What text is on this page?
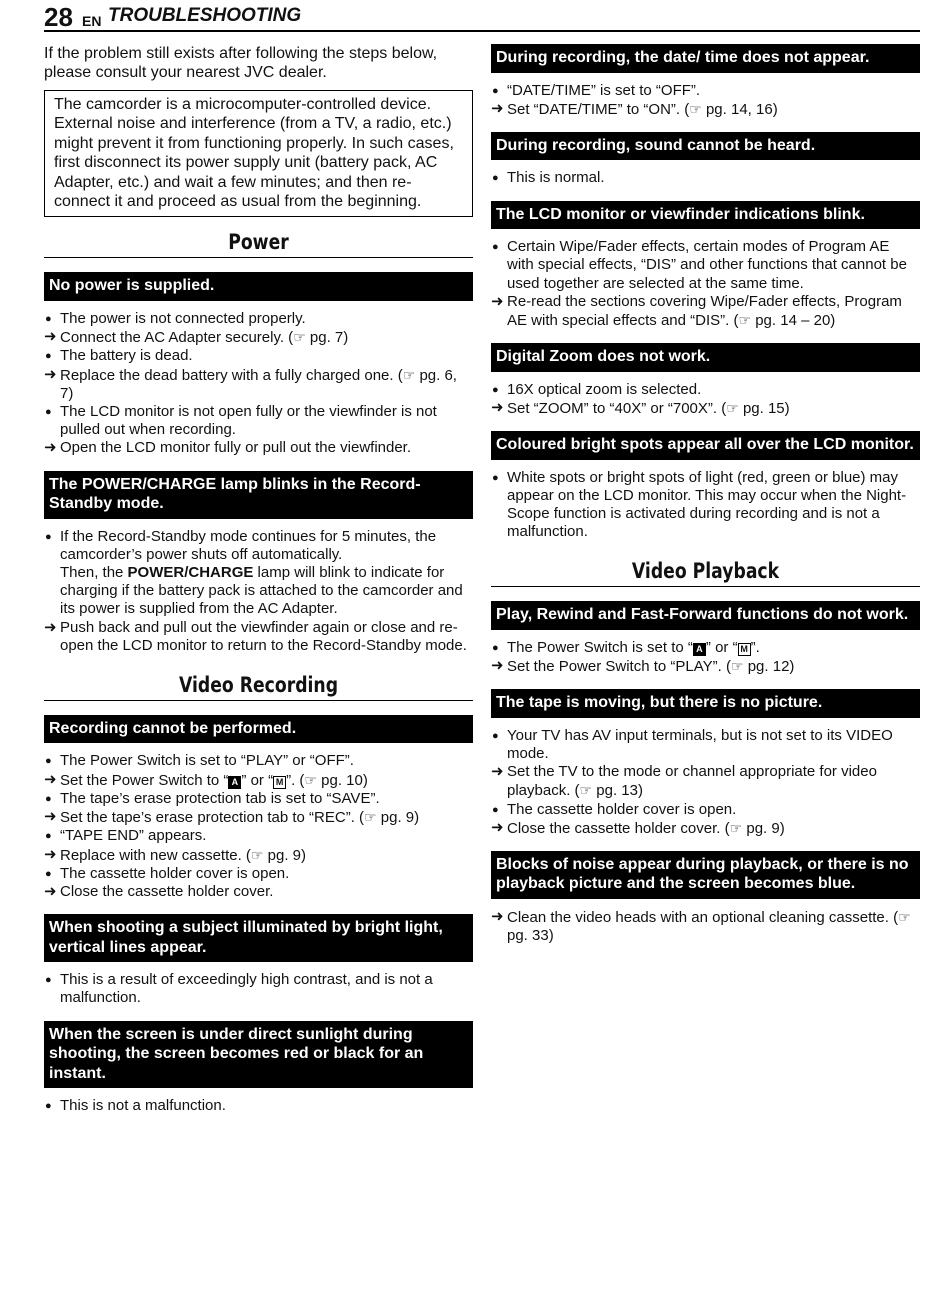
28 EN TROUBLESHOOTING

If the problem still exists after following the steps below, please consult your nearest JVC dealer.

The camcorder is a microcomputer-controlled device. External noise and interference (from a TV, a radio, etc.) might prevent it from functioning properly. In such cases, first disconnect its power supply unit (battery pack, AC Adapter, etc.) and wait a few minutes; and then re-connect it and proceed as usual from the beginning.
Power
No power is supplied.
● The power is not connected properly.
➜ Connect the AC Adapter securely. (☞ pg. 7)
● The battery is dead.
➜ Replace the dead battery with a fully charged one. (☞ pg. 6, 7)
● The LCD monitor is not open fully or the viewfinder is not pulled out when recording.
➜ Open the LCD monitor fully or pull out the viewfinder.
The POWER/CHARGE lamp blinks in the Record-Standby mode.
● If the Record-Standby mode continues for 5 minutes, the camcorder’s power shuts off automatically.
Then, the POWER/CHARGE lamp will blink to indicate for charging if the battery pack is attached to the camcorder and its power is supplied from the AC Adapter.
➜ Push back and pull out the viewfinder again or close and re-open the LCD monitor to return to the Record-Standby mode.
Video Recording
Recording cannot be performed.
● The Power Switch is set to “PLAY” or “OFF”.
➜ Set the Power Switch to “ A ” or “ M ”. (☞ pg. 10)
● The tape’s erase protection tab is set to “SAVE”.
➜ Set the tape’s erase protection tab to “REC”. (☞ pg. 9)
● “TAPE END” appears.
➜ Replace with new cassette. (☞ pg. 9)
● The cassette holder cover is open.
➜ Close the cassette holder cover.
When shooting a subject illuminated by bright light, vertical lines appear.
● This is a result of exceedingly high contrast, and is not a malfunction.
When the screen is under direct sunlight during shooting, the screen becomes red or black for an instant.
● This is not a malfunction.
During recording, the date/ time does not appear.
● “DATE/TIME” is set to “OFF”.
➜ Set “DATE/TIME” to “ON”. (☞ pg. 14, 16)
During recording, sound cannot be heard.
● This is normal.
The LCD monitor or viewfinder indications blink.
● Certain Wipe/Fader effects, certain modes of Program AE with special effects, “DIS” and other functions that cannot be used together are selected at the same time.
➜ Re-read the sections covering Wipe/Fader effects, Program AE with special effects and “DIS”. (☞ pg. 14 – 20)
Digital Zoom does not work.
● 16X optical zoom is selected.
➜ Set “ZOOM” to “40X” or “700X”. (☞ pg. 15)
Coloured bright spots appear all over the LCD monitor.
● White spots or bright spots of light (red, green or blue) may appear on the LCD monitor. This may occur when the Night-Scope function is activated during recording and is not a malfunction.
Video Playback
Play, Rewind and Fast-Forward functions do not work.
● The Power Switch is set to “ A ” or “ M ”.
➜ Set the Power Switch to “PLAY”. (☞ pg. 12)
The tape is moving, but there is no picture.
● Your TV has AV input terminals, but is not set to its VIDEO mode.
➜ Set the TV to the mode or channel appropriate for video playback. (☞ pg. 13)
● The cassette holder cover is open.
➜ Close the cassette holder cover. (☞ pg. 9)
Blocks of noise appear during playback, or there is no playback picture and the screen becomes blue.
➜ Clean the video heads with an optional cleaning cassette. (☞ pg. 33)
